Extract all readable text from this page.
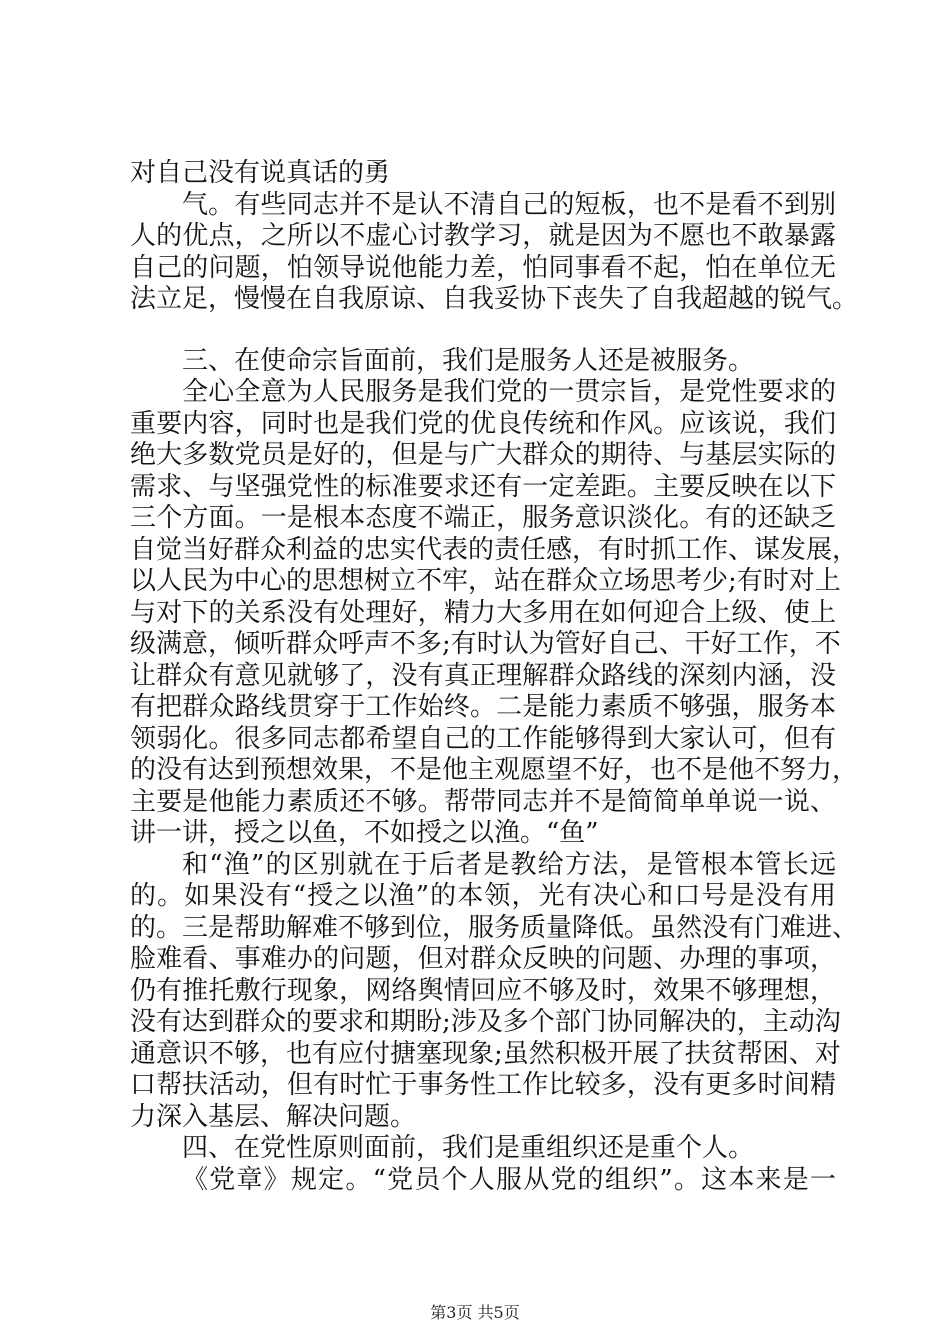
对自己没有说真话的勇
气。有些同志并不是认不清自己的短板，也不是看不到别
人的优点，之所以不虚心讨教学习，就是因为不愿也不敢暴露
自己的问题，怕领导说他能力差，怕同事看不起，怕在单位无
法立足，慢慢在自我原谅、自我妥协下丧失了自我超越的锐气。
三、在使命宗旨面前，我们是服务人还是被服务。
全心全意为人民服务是我们党的一贯宗旨，是党性要求的
重要内容，同时也是我们党的优良传统和作风。应该说，我们
绝大多数党员是好的，但是与广大群众的期待、与基层实际的
需求、与坚强党性的标准要求还有一定差距。主要反映在以下
三个方面。一是根本态度不端正，服务意识淡化。有的还缺乏
自觉当好群众利益的忠实代表的责任感，有时抓工作、谋发展，
以人民为中心的思想树立不牢，站在群众立场思考少;有时对上
与对下的关系没有处理好，精力大多用在如何迎合上级、使上
级满意，倾听群众呼声不多;有时认为管好自己、干好工作，不
让群众有意见就够了，没有真正理解群众路线的深刻内涵，没
有把群众路线贯穿于工作始终。二是能力素质不够强，服务本
领弱化。很多同志都希望自己的工作能够得到大家认可，但有
的没有达到预想效果，不是他主观愿望不好，也不是他不努力，
主要是他能力素质还不够。帮带同志并不是简简单单说一说、
讲一讲，授之以鱼，不如授之以渔。“鱼”
和“渔”的区别就在于后者是教给方法，是管根本管长远
的。如果没有“授之以渔”的本领，光有决心和口号是没有用
的。三是帮助解难不够到位，服务质量降低。虽然没有门难进、
脸难看、事难办的问题，但对群众反映的问题、办理的事项，
仍有推托敷行现象，网络舆情回应不够及时，效果不够理想，
没有达到群众的要求和期盼;涉及多个部门协同解决的，主动沟
通意识不够，也有应付搪塞现象;虽然积极开展了扶贫帮困、对
口帮扶活动，但有时忙于事务性工作比较多，没有更多时间精
力深入基层、解决问题。
四、在党性原则面前，我们是重组织还是重个人。
《党章》规定。“党员个人服从党的组织”。这本来是一
第3页 共5页
